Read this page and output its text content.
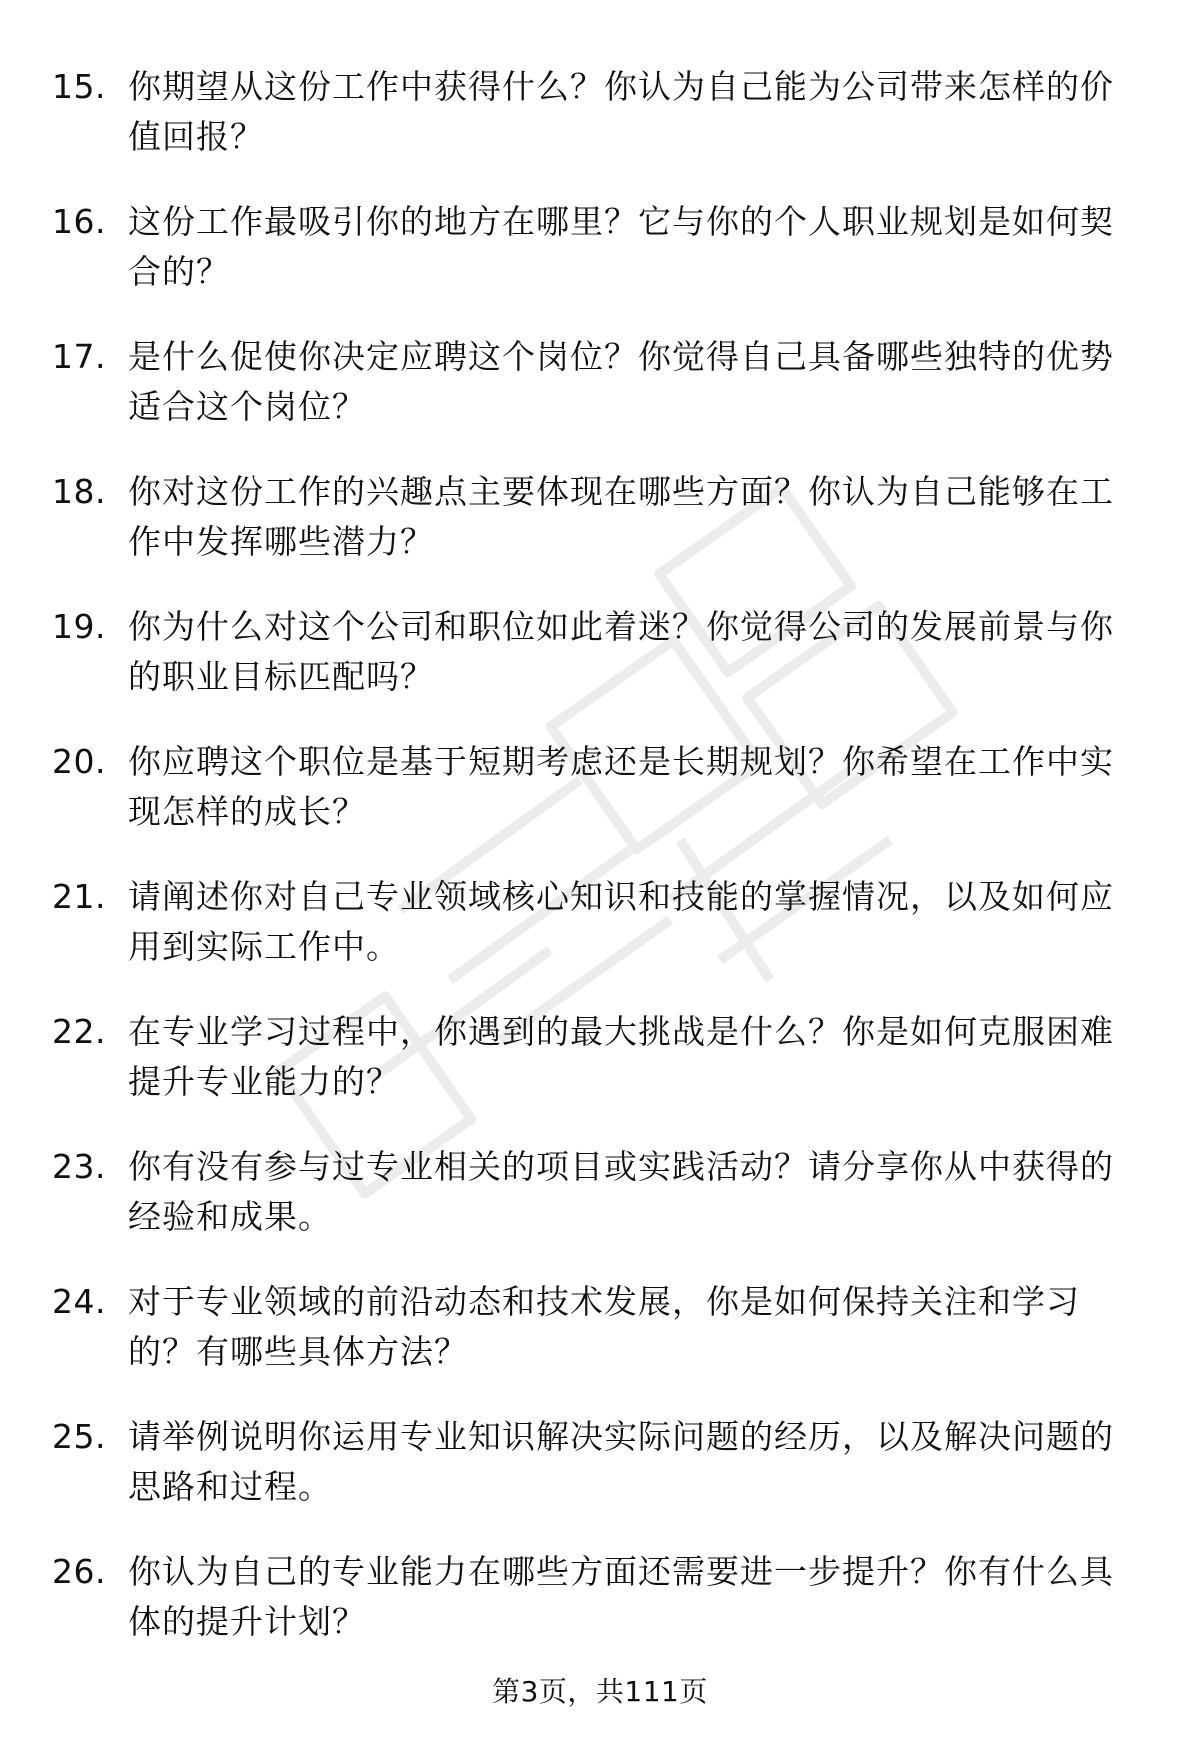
15. 你期望从这份工作中获得什么？你认为自己能为公司带来怎样的价值回报？
16. 这份工作最吸引你的地方在哪里？它与你的个人职业规划是如何契合的？
17. 是什么促使你决定应聘这个岗位？你觉得自己具备哪些独特的优势适合这个岗位？
18. 你对这份工作的兴趣点主要体现在哪些方面？你认为自己能够在工作中发挥哪些潜力？
19. 你为什么对这个公司和职位如此着迷？你觉得公司的发展前景与你的职业目标匹配吗？
20. 你应聘这个职位是基于短期考虑还是长期规划？你希望在工作中实现怎样的成长？
21. 请阐述你对自己专业领域核心知识和技能的掌握情况，以及如何应用到实际工作中。
22. 在专业学习过程中，你遇到的最大挑战是什么？你是如何克服困难提升专业能力的？
23. 你有没有参与过专业相关的项目或实践活动？请分享你从中获得的经验和成果。
24. 对于专业领域的前沿动态和技术发展，你是如何保持关注和学习的？有哪些具体方法？
25. 请举例说明你运用专业知识解决实际问题的经历，以及解决问题的思路和过程。
26. 你认为自己的专业能力在哪些方面还需要进一步提升？你有什么具体的提升计划？
第3页，共111页
